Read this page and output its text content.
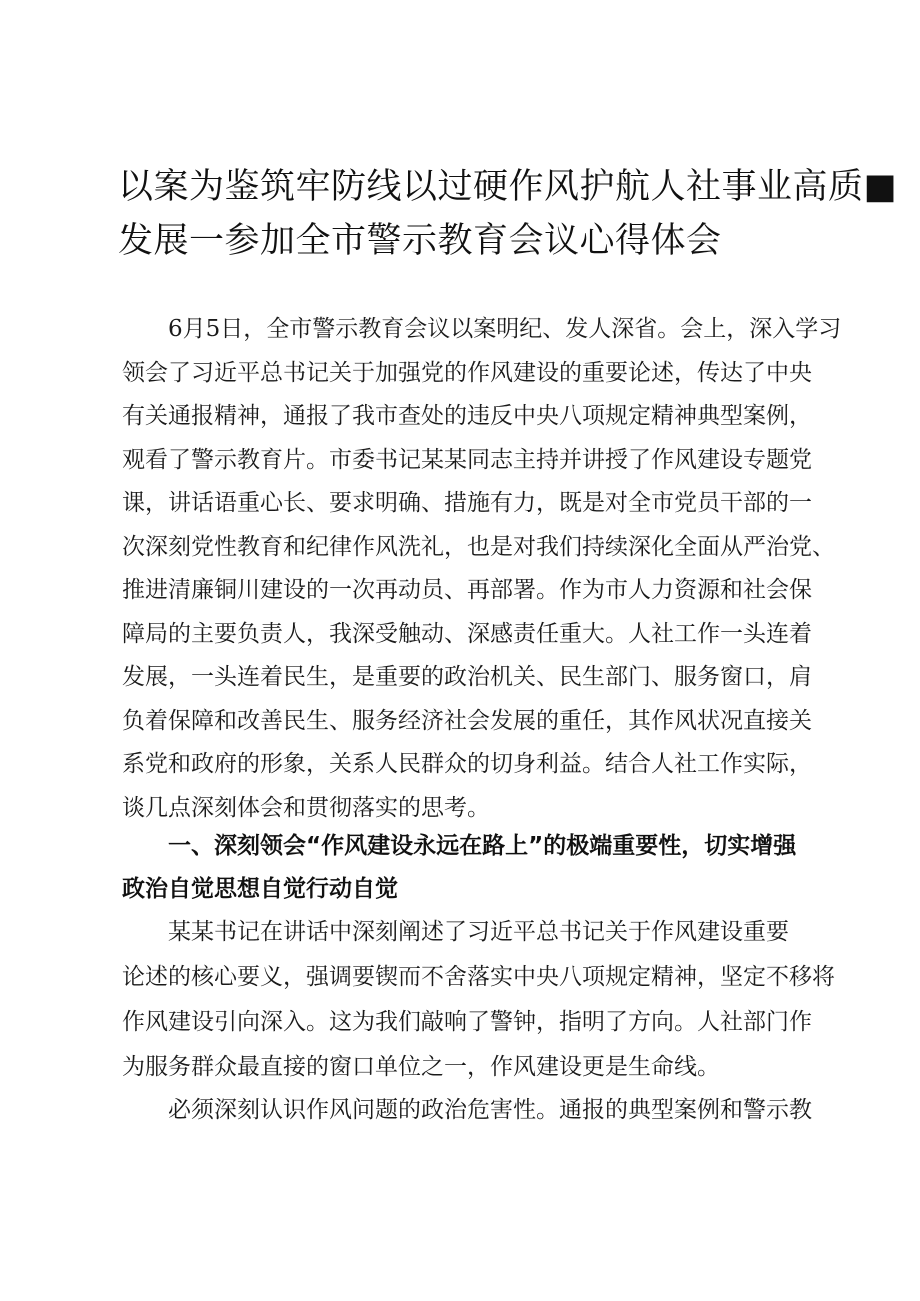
以案为鉴筑牢防线以过硬作风护航人社事业高质■
发展一参加全市警示教育会议心得体会
　　6月5日，全市警示教育会议以案明纪、发人深省。会上，深入学习
领会了习近平总书记关于加强党的作风建设的重要论述，传达了中央
有关通报精神，通报了我市查处的违反中央八项规定精神典型案例，
观看了警示教育片。市委书记某某同志主持并讲授了作风建设专题党
课，讲话语重心长、要求明确、措施有力，既是对全市党员干部的一
次深刻党性教育和纪律作风洗礼，也是对我们持续深化全面从严治党、
推进清廉铜川建设的一次再动员、再部署。作为市人力资源和社会保
障局的主要负责人，我深受触动、深感责任重大。人社工作一头连着
发展，一头连着民生，是重要的政治机关、民生部门、服务窗口，肩
负着保障和改善民生、服务经济社会发展的重任，其作风状况直接关
系党和政府的形象，关系人民群众的切身利益。结合人社工作实际，
谈几点深刻体会和贯彻落实的思考。
　　一、深刻领会“作风建设永远在路上”的极端重要性，切实增强
政治自觉思想自觉行动自觉
　　某某书记在讲话中深刻阐述了习近平总书记关于作风建设重要
论述的核心要义，强调要锲而不舍落实中央八项规定精神，坚定不移将
作风建设引向深入。这为我们敲响了警钟，指明了方向。人社部门作
为服务群众最直接的窗口单位之一，作风建设更是生命线。
　　必须深刻认识作风问题的政治危害性。通报的典型案例和警示教
